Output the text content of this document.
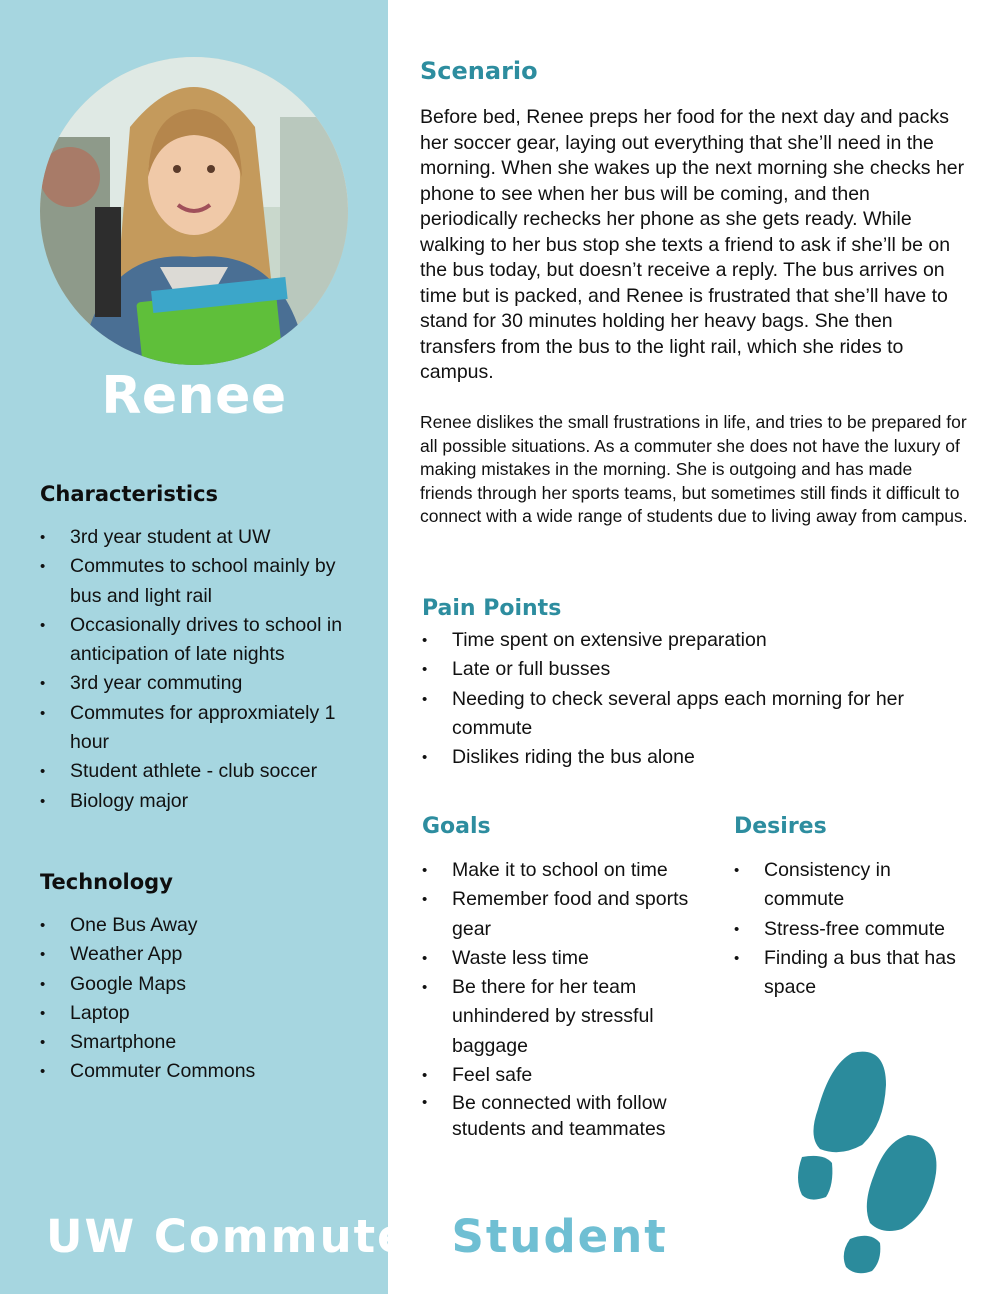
Renee
Characteristics
• 3rd year student at UW
• Commutes to school mainly by bus and light rail
• Occasionally drives to school in anticipation of late nights
• 3rd year commuting
• Commutes for approxmiately 1 hour
• Student athlete - club soccer
• Biology major
Technology
• One Bus Away
• Weather App
• Google Maps
• Laptop
• Smartphone
• Commuter Commons
Scenario

Before bed, Renee preps her food for the next day and packs her soccer gear, laying out everything that she’ll need in the morning. When she wakes up the next morning she checks her phone to see when her bus will be coming, and then periodically rechecks her phone as she gets ready. While walking to her bus stop she texts a friend to ask if she’ll be on the bus today, but doesn’t receive a reply. The bus arrives on time but is packed, and Renee is frustrated that she’ll have to stand for 30 minutes holding her heavy bags. She then transfers from the bus to the light rail, which she rides to campus.

Renee dislikes the small frustrations in life, and tries to be prepared for all possible situations. As a commuter she does not have the luxury of making mistakes in the morning. She is outgoing and has made friends through her sports teams, but sometimes still finds it difficult to connect with a wide range of students due to living away from campus.

Pain Points
• Time spent on extensive preparation
• Late or full busses
• Needing to check several apps each morning for her commute
• Dislikes riding the bus alone
Goals
• Make it to school on time
• Remember food and sports gear
• Waste less time
• Be there for her team unhindered by stressful baggage
• Feel safe
• Be connected with follow students and teammates
Desires
• Consistency in commute
• Stress-free commute
• Finding a bus that has space
UW Commuter Student
